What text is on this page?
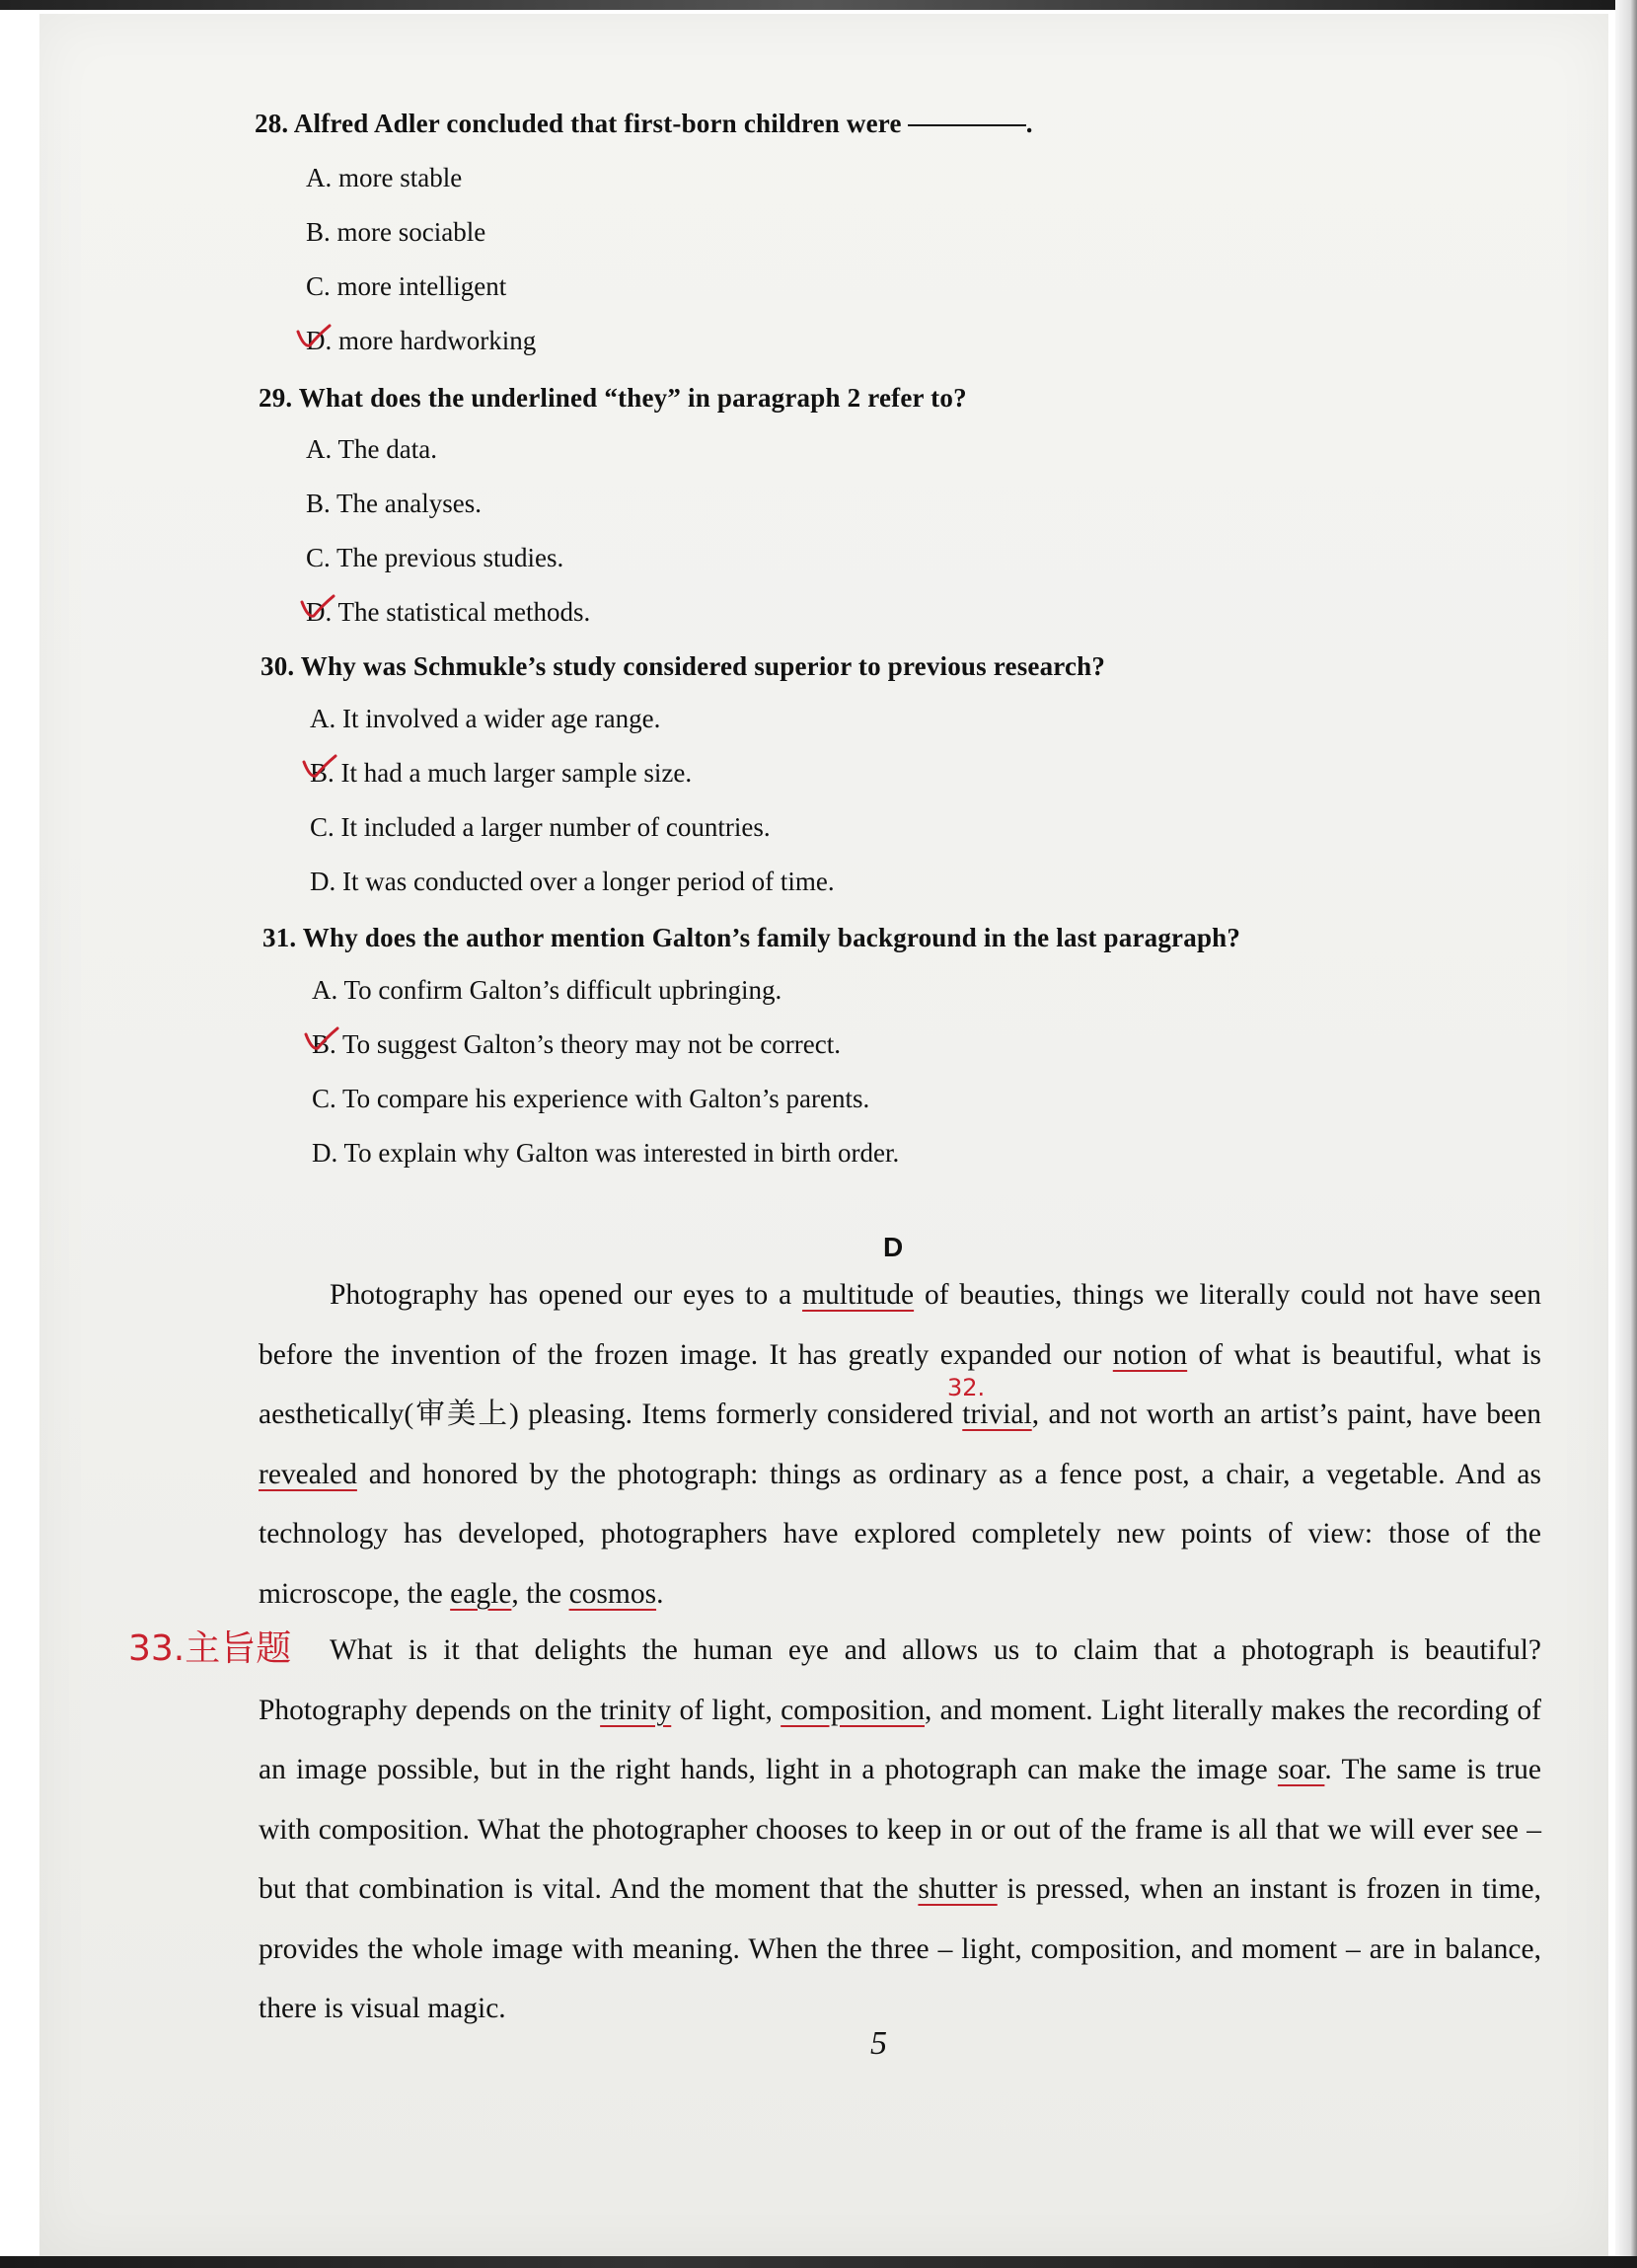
28. Alfred Adler concluded that first-born children were	.
A. more stable
B. more sociable
C. more intelligent
D. more hardworking
29. What does the underlined “they” in paragraph 2 refer to?
A. The data.
B. The analyses.
C. The previous studies.
D. The statistical methods.
30. Why was Schmukle’s study considered superior to previous research?
A. It involved a wider age range.
B. It had a much larger sample size.
C. It included a larger number of countries.
D. It was conducted over a longer period of time.
31. Why does the author mention Galton’s family background in the last paragraph?
A. To confirm Galton’s difficult upbringing.
B. To suggest Galton’s theory may not be correct.
C. To compare his experience with Galton’s parents.
D. To explain why Galton was interested in birth order.
D

Photography has opened our eyes to a multitude of beauties, things we literally could not have seen before the invention of the frozen image. It has greatly expanded our notion of what is beautiful, what is aesthetically(审美上) pleasing. Items formerly considered trivial, and not worth an artist’s paint, have been revealed and honored by the photograph: things as ordinary as a fence post, a chair, a vegetable. And as technology has developed, photographers have explored completely new points of view: those of the microscope, the eagle, the cosmos.

What is it that delights the human eye and allows us to claim that a photograph is beautiful? Photography depends on the trinity of light, composition, and moment. Light literally makes the recording of an image possible, but in the right hands, light in a photograph can make the image soar. The same is true with composition. What the photographer chooses to keep in or out of the frame is all that we will ever see – but that combination is vital. And the moment that the shutter is pressed, when an instant is frozen in time, provides the whole image with meaning. When the three – light, composition, and moment – are in balance, there is visual magic.

32.
33.主旨题
5
